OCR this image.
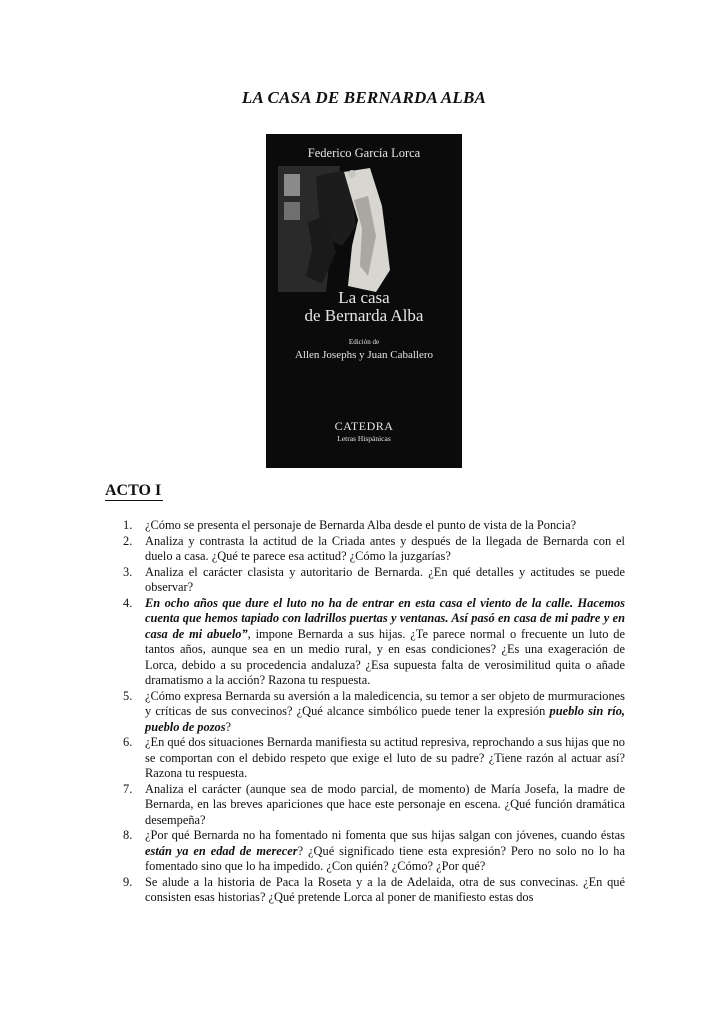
LA CASA DE BERNARDA ALBA
Federico García Lorca
La casa
de Bernarda Alba
Edición de
Allen Josephs y Juan Caballero
CATEDRA
Letras Hispánicas
ACTO I
1.	¿Cómo se presenta el personaje de Bernarda Alba desde el punto de vista de la Poncia?
2.	Analiza y contrasta la actitud de la Criada antes y después de la llegada de Bernarda con el duelo a casa. ¿Qué te parece esa actitud? ¿Cómo la juzgarías?
3.	Analiza el carácter clasista y autoritario de Bernarda. ¿En qué detalles y actitudes se puede observar?
4.	En ocho años que dure el luto no ha de entrar en esta casa el viento de la calle. Hacemos cuenta que hemos tapiado con ladrillos puertas y ventanas. Así pasó en casa de mi padre y en casa de mi abuelo”, impone Bernarda a sus hijas. ¿Te parece normal o frecuente un luto de tantos años, aunque sea en un medio rural, y en esas condiciones? ¿Es una exageración de Lorca, debido a su procedencia andaluza? ¿Esa supuesta falta de verosimilitud quita o añade dramatismo a la acción? Razona tu respuesta.
5.	¿Cómo expresa Bernarda su aversión a la maledicencia, su temor a ser objeto de murmuraciones y críticas de sus convecinos? ¿Qué alcance simbólico puede tener la expresión pueblo sin río, pueblo de pozos?
6.	¿En qué dos situaciones Bernarda manifiesta su actitud represiva, reprochando a sus hijas que no se comportan con el debido respeto que exige el luto de su padre? ¿Tiene razón al actuar así? Razona tu respuesta.
7.	Analiza el carácter (aunque sea de modo parcial, de momento) de María Josefa, la madre de Bernarda, en las breves apariciones que hace este personaje en escena. ¿Qué función dramática desempeña?
8.	¿Por qué Bernarda no ha fomentado ni fomenta que sus hijas salgan con jóvenes, cuando éstas están ya en edad de merecer? ¿Qué significado tiene esta expresión? Pero no solo no lo ha fomentado sino que lo ha impedido. ¿Con quién? ¿Cómo? ¿Por qué?
9.	Se alude a la historia de Paca la Roseta y a la de Adelaida, otra de sus convecinas. ¿En qué consisten esas historias? ¿Qué pretende Lorca al poner de manifiesto estas dos
